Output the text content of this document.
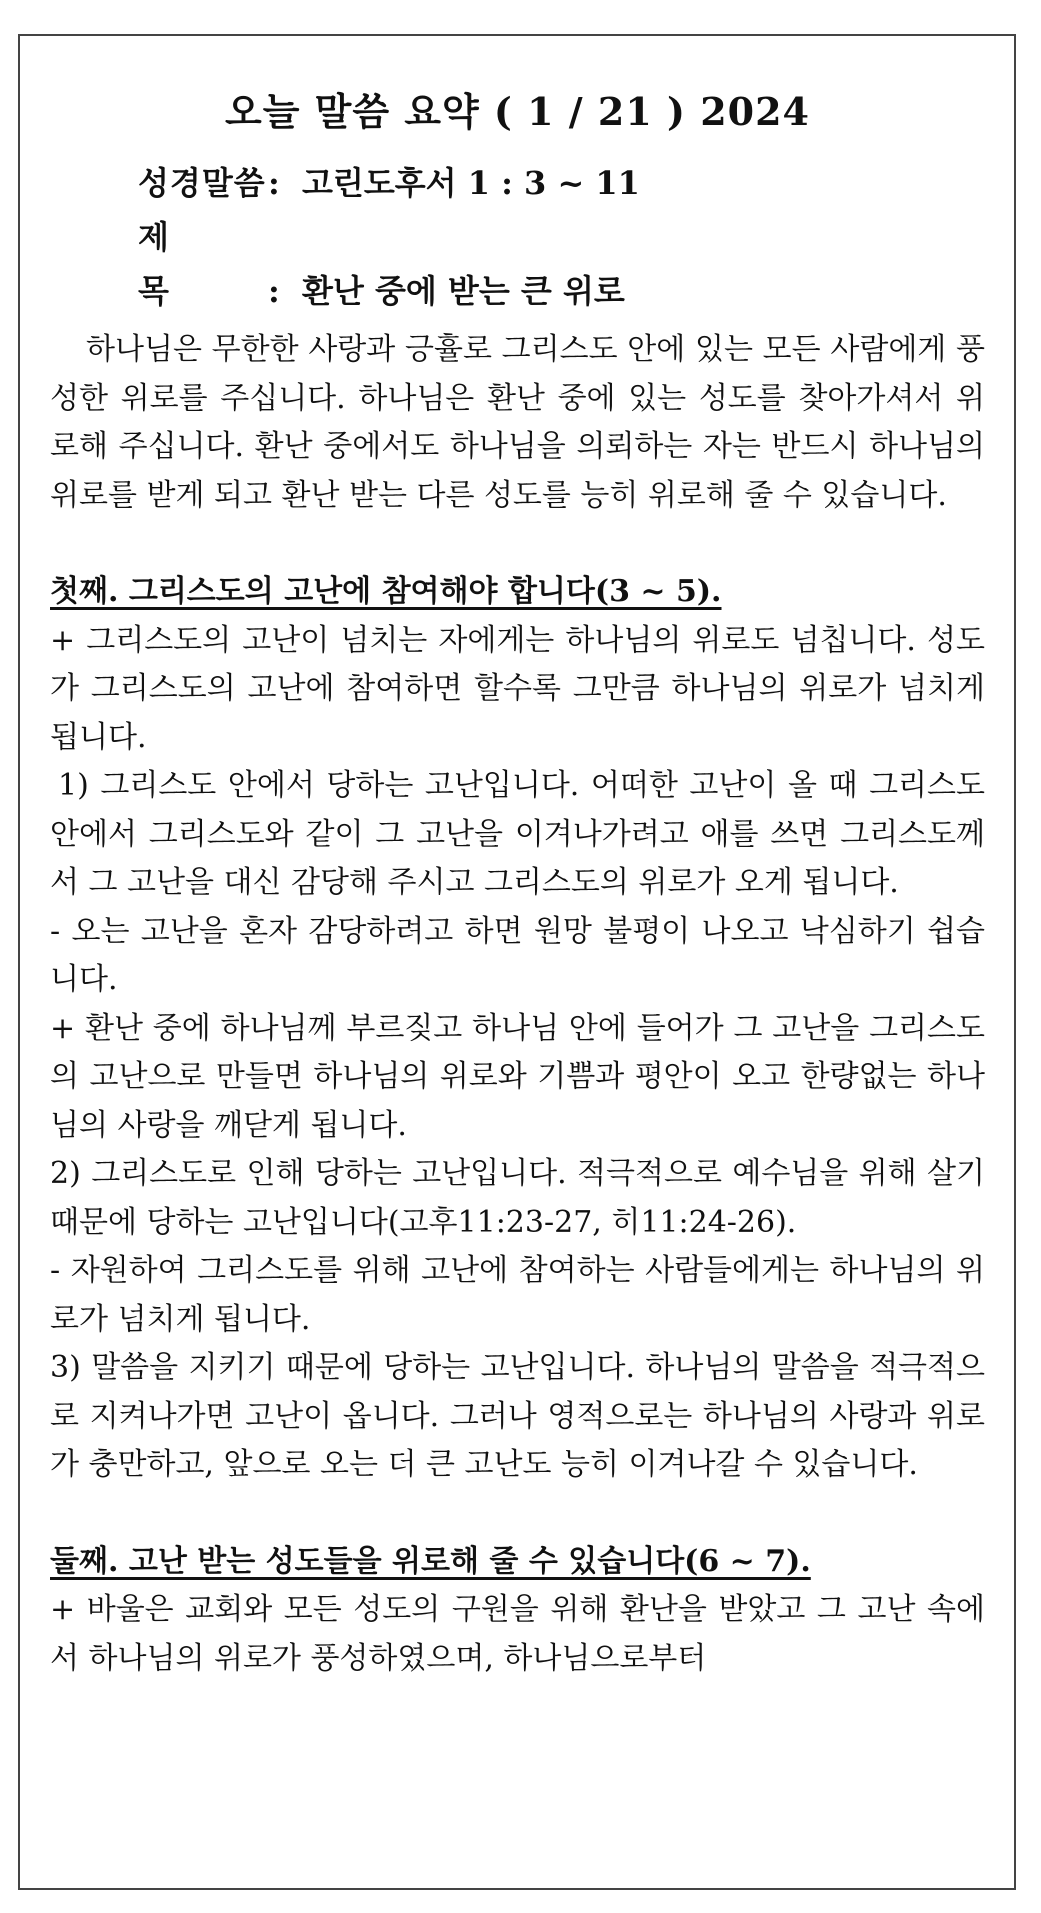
오늘 말씀 요약 ( 1 / 21 ) 2024
성경말씀: 고린도후서 1 : 3 ~ 11
제 목 : 환난 중에 받는 큰 위로

하나님은 무한한 사랑과 긍휼로 그리스도 안에 있는 모든 사람에게 풍성한 위로를 주십니다. 하나님은 환난 중에 있는 성도를 찾아가셔서 위로해 주십니다. 환난 중에서도 하나님을 의뢰하는 자는 반드시 하나님의 위로를 받게 되고 환난 받는 다른 성도를 능히 위로해 줄 수 있습니다.

첫째. 그리스도의 고난에 참여해야 합니다(3 ~ 5).

+ 그리스도의 고난이 넘치는 자에게는 하나님의 위로도 넘칩니다. 성도가 그리스도의 고난에 참여하면 할수록 그만큼 하나님의 위로가 넘치게 됩니다.

1) 그리스도 안에서 당하는 고난입니다. 어떠한 고난이 올 때 그리스도 안에서 그리스도와 같이 그 고난을 이겨나가려고 애를 쓰면 그리스도께서 그 고난을 대신 감당해 주시고 그리스도의 위로가 오게 됩니다.

- 오는 고난을 혼자 감당하려고 하면 원망 불평이 나오고 낙심하기 쉽습니다.

+ 환난 중에 하나님께 부르짖고 하나님 안에 들어가 그 고난을 그리스도의 고난으로 만들면 하나님의 위로와 기쁨과 평안이 오고 한량없는 하나님의 사랑을 깨닫게 됩니다.

2) 그리스도로 인해 당하는 고난입니다. 적극적으로 예수님을 위해 살기 때문에 당하는 고난입니다(고후11:23-27, 히11:24-26).

- 자원하여 그리스도를 위해 고난에 참여하는 사람들에게는 하나님의 위로가 넘치게 됩니다.

3) 말씀을 지키기 때문에 당하는 고난입니다. 하나님의 말씀을 적극적으로 지켜나가면 고난이 옵니다. 그러나 영적으로는 하나님의 사랑과 위로가 충만하고, 앞으로 오는 더 큰 고난도 능히 이겨나갈 수 있습니다.

둘째. 고난 받는 성도들을 위로해 줄 수 있습니다(6 ~ 7).

+ 바울은 교회와 모든 성도의 구원을 위해 환난을 받았고 그 고난 속에서 하나님의 위로가 풍성하였으며, 하나님으로부터
